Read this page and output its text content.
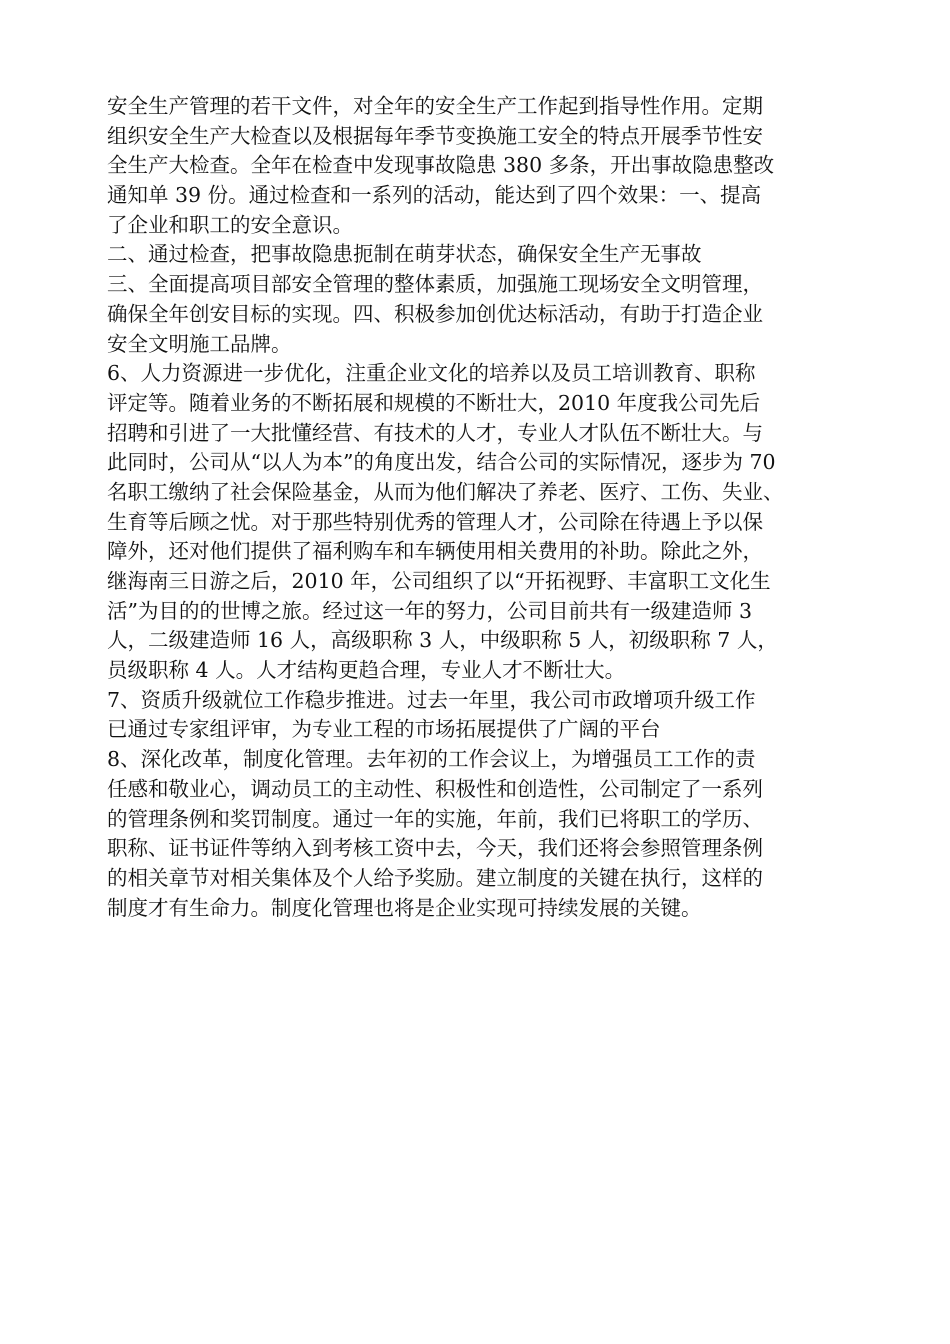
安全生产管理的若干文件，对全年的安全生产工作起到指导性作用。定期
组织安全生产大检查以及根据每年季节变换施工安全的特点开展季节性安
全生产大检查。全年在检查中发现事故隐患 380 多条，开出事故隐患整改
通知单 39 份。通过检查和一系列的活动，能达到了四个效果：一、提高
了企业和职工的安全意识。
二、通过检查，把事故隐患扼制在萌芽状态，确保安全生产无事故
三、全面提高项目部安全管理的整体素质，加强施工现场安全文明管理，
确保全年创安目标的实现。四、积极参加创优达标活动，有助于打造企业
安全文明施工品牌。
6、人力资源进一步优化，注重企业文化的培养以及员工培训教育、职称
评定等。随着业务的不断拓展和规模的不断壮大，2010 年度我公司先后
招聘和引进了一大批懂经营、有技术的人才，专业人才队伍不断壮大。与
此同时，公司从“以人为本”的角度出发，结合公司的实际情况，逐步为 70
名职工缴纳了社会保险基金，从而为他们解决了养老、医疗、工伤、失业、
生育等后顾之忧。对于那些特别优秀的管理人才，公司除在待遇上予以保
障外，还对他们提供了福利购车和车辆使用相关费用的补助。除此之外，
继海南三日游之后，2010 年，公司组织了以“开拓视野、丰富职工文化生
活”为目的的世博之旅。经过这一年的努力，公司目前共有一级建造师 3
人，二级建造师 16 人，高级职称 3 人，中级职称 5 人，初级职称 7 人，
员级职称 4 人。人才结构更趋合理，专业人才不断壮大。
7、资质升级就位工作稳步推进。过去一年里，我公司市政增项升级工作
已通过专家组评审，为专业工程的市场拓展提供了广阔的平台
8、深化改革，制度化管理。去年初的工作会议上，为增强员工工作的责
任感和敬业心，调动员工的主动性、积极性和创造性，公司制定了一系列
的管理条例和奖罚制度。通过一年的实施，年前，我们已将职工的学历、
职称、证书证件等纳入到考核工资中去，今天，我们还将会参照管理条例
的相关章节对相关集体及个人给予奖励。建立制度的关键在执行，这样的
制度才有生命力。制度化管理也将是企业实现可持续发展的关键。
